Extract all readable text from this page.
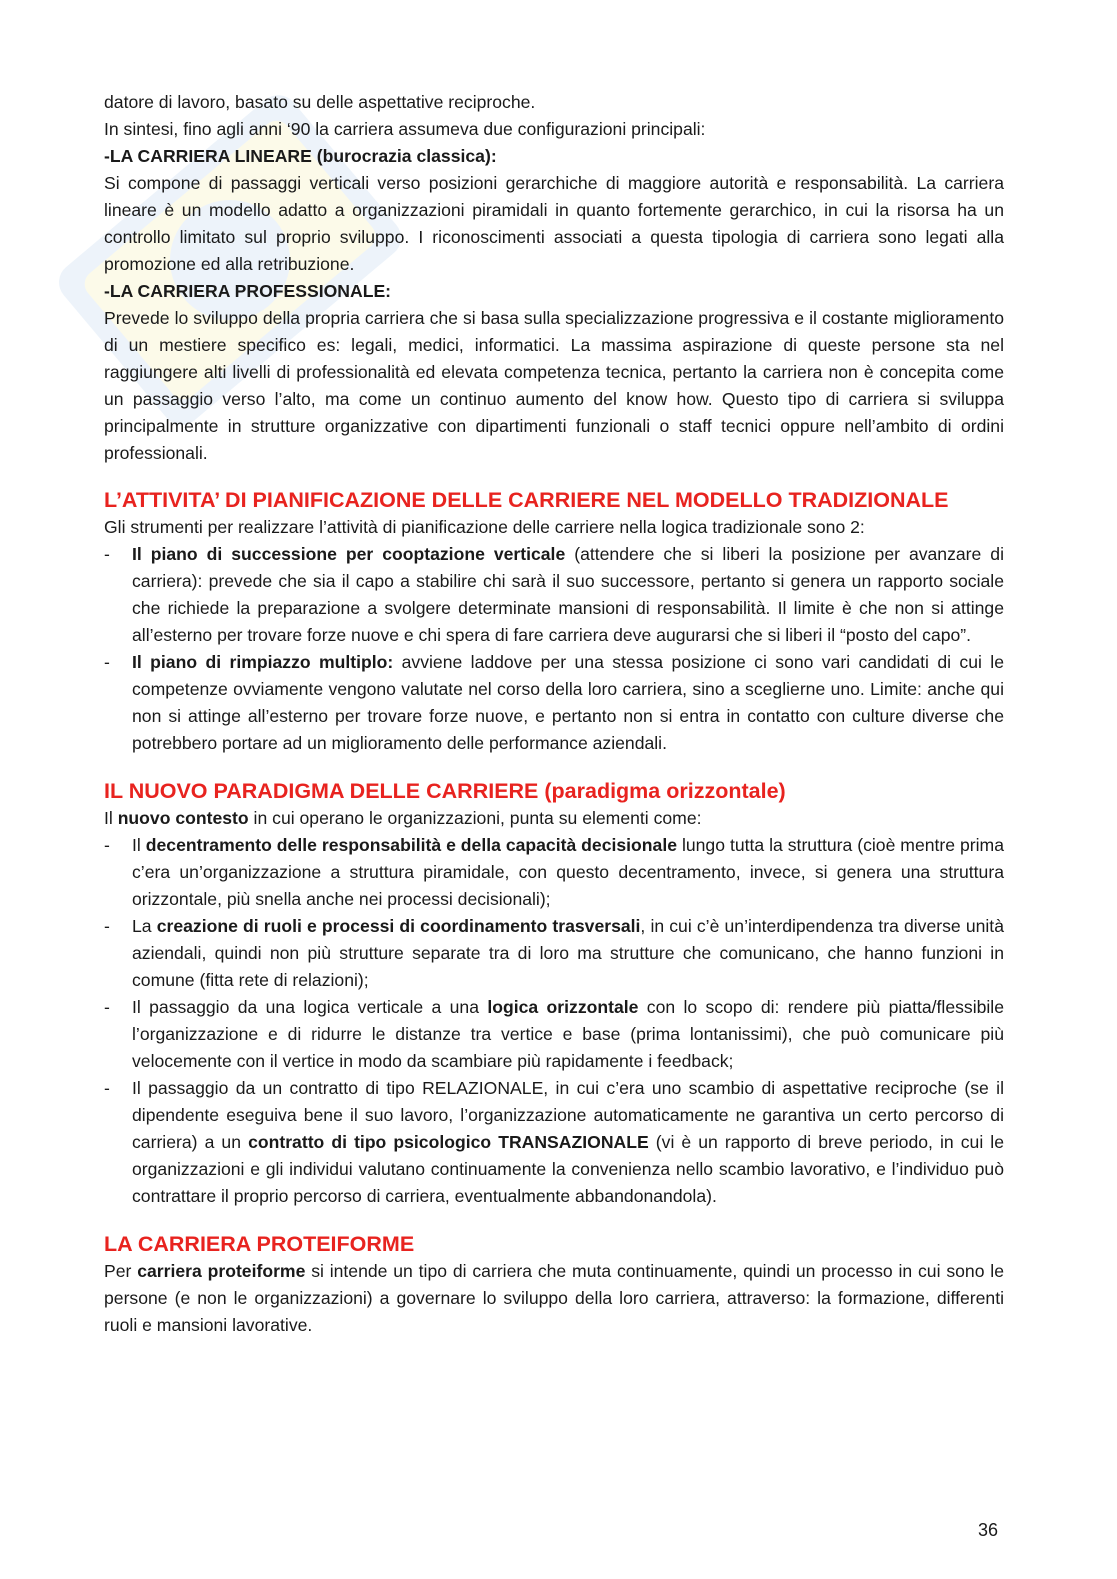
datore di lavoro, basato su delle aspettative reciproche.

In sintesi, fino agli anni ‘90 la carriera assumeva due configurazioni principali:

-LA CARRIERA LINEARE (burocrazia classica):

Si compone di passaggi verticali verso posizioni gerarchiche di maggiore autorità e responsabilità. La carriera lineare è un modello adatto a organizzazioni piramidali in quanto fortemente gerarchico, in cui la risorsa ha un controllo limitato sul proprio sviluppo. I riconoscimenti associati a questa tipologia di carriera sono legati alla promozione ed alla retribuzione.

-LA CARRIERA PROFESSIONALE:

Prevede lo sviluppo della propria carriera che si basa sulla specializzazione progressiva e il costante miglioramento di un mestiere specifico es: legali, medici, informatici. La massima aspirazione di queste persone sta nel raggiungere alti livelli di professionalità ed elevata competenza tecnica, pertanto la carriera non è concepita come un passaggio verso l’alto, ma come un continuo aumento del know how. Questo tipo di carriera si sviluppa principalmente in strutture organizzative con dipartimenti funzionali o staff tecnici oppure nell’ambito di ordini professionali.

L’ATTIVITA’ DI PIANIFICAZIONE DELLE CARRIERE NEL MODELLO TRADIZIONALE

Gli strumenti per realizzare l’attività di pianificazione delle carriere nella logica tradizionale sono 2:

- Il piano di successione per cooptazione verticale (attendere che si liberi la posizione per avanzare di carriera): prevede che sia il capo a stabilire chi sarà il suo successore, pertanto si genera un rapporto sociale che richiede la preparazione a svolgere determinate mansioni di responsabilità. Il limite è che non si attinge all’esterno per trovare forze nuove e chi spera di fare carriera deve augurarsi che si liberi il “posto del capo”.
- Il piano di rimpiazzo multiplo: avviene laddove per una stessa posizione ci sono vari candidati di cui le competenze ovviamente vengono valutate nel corso della loro carriera, sino a sceglierne uno. Limite: anche qui non si attinge all’esterno per trovare forze nuove, e pertanto non si entra in contatto con culture diverse che potrebbero portare ad un miglioramento delle performance aziendali.
IL NUOVO PARADIGMA DELLE CARRIERE (paradigma orizzontale)

Il nuovo contesto in cui operano le organizzazioni, punta su elementi come:

- Il decentramento delle responsabilità e della capacità decisionale lungo tutta la struttura (cioè mentre prima c’era un’organizzazione a struttura piramidale, con questo decentramento, invece, si genera una struttura orizzontale, più snella anche nei processi decisionali);
- La creazione di ruoli e processi di coordinamento trasversali, in cui c’è un’interdipendenza tra diverse unità aziendali, quindi non più strutture separate tra di loro ma strutture che comunicano, che hanno funzioni in comune (fitta rete di relazioni);
- Il passaggio da una logica verticale a una logica orizzontale con lo scopo di: rendere più piatta/flessibile l’organizzazione e di ridurre le distanze tra vertice e base (prima lontanissimi), che può comunicare più velocemente con il vertice in modo da scambiare più rapidamente i feedback;
- Il passaggio da un contratto di tipo RELAZIONALE, in cui c’era uno scambio di aspettative reciproche (se il dipendente eseguiva bene il suo lavoro, l’organizzazione automaticamente ne garantiva un certo percorso di carriera) a un contratto di tipo psicologico TRANSAZIONALE (vi è un rapporto di breve periodo, in cui le organizzazioni e gli individui valutano continuamente la convenienza nello scambio lavorativo, e l’individuo può contrattare il proprio percorso di carriera, eventualmente abbandonandola).
LA CARRIERA PROTEIFORME

Per carriera proteiforme si intende un tipo di carriera che muta continuamente, quindi un processo in cui sono le persone (e non le organizzazioni) a governare lo sviluppo della loro carriera, attraverso: la formazione, differenti ruoli e mansioni lavorative.

36
